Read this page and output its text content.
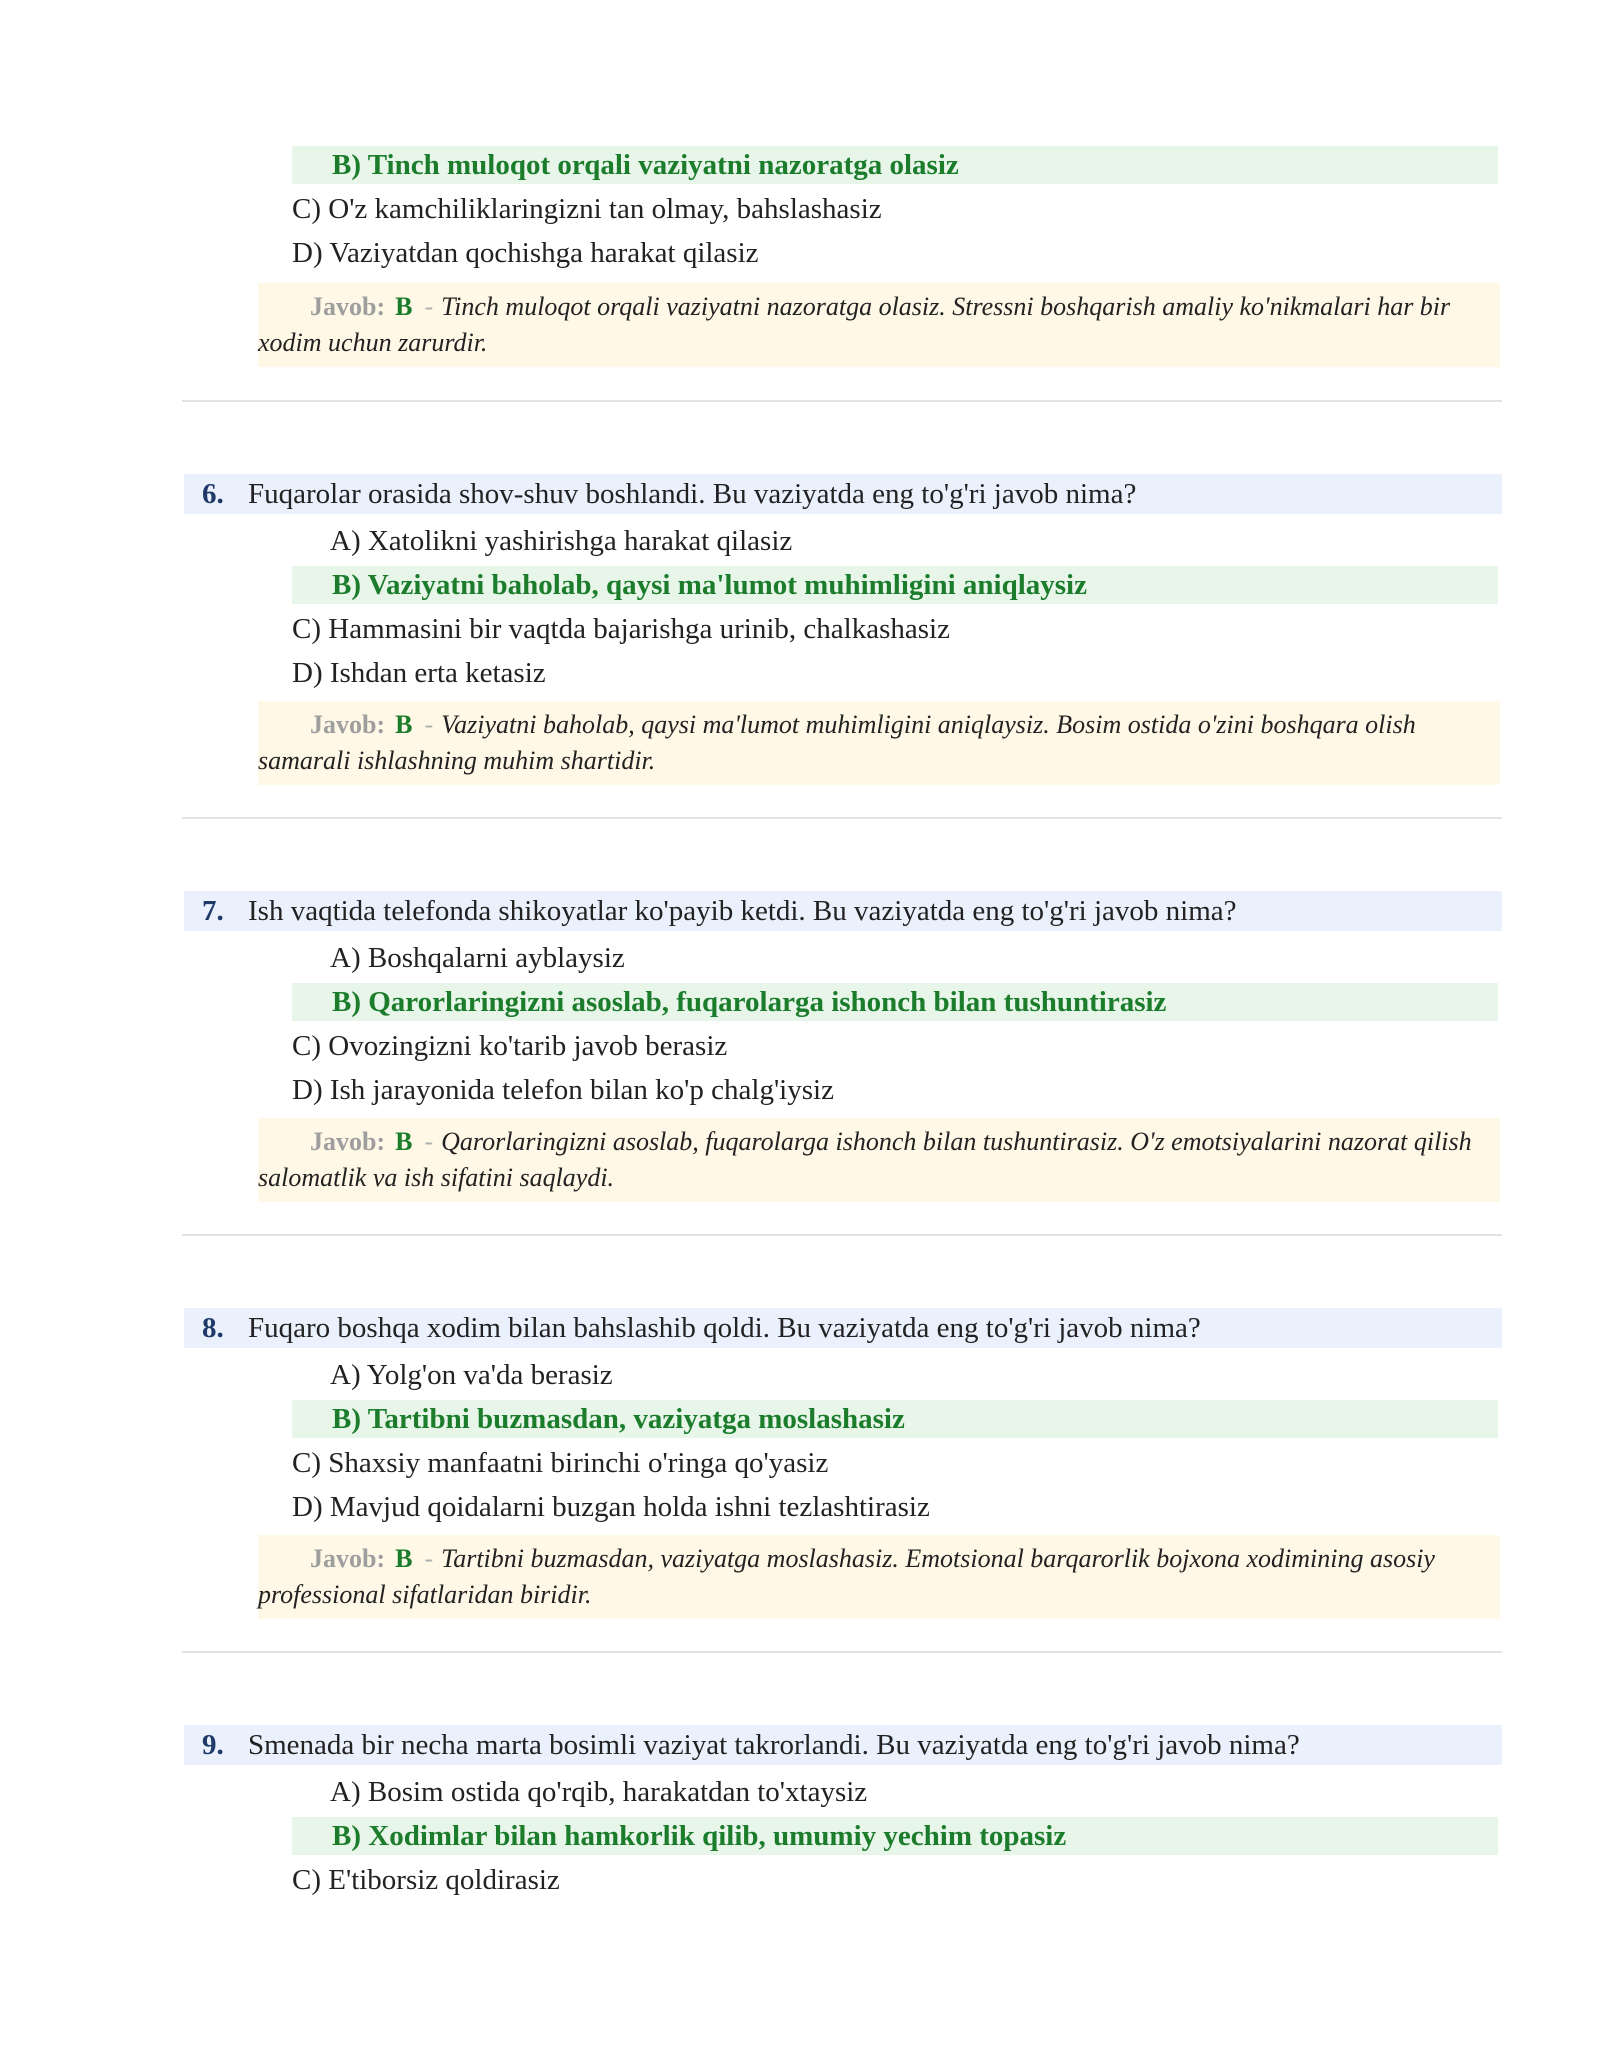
B) Tinch muloqot orqali vaziyatni nazoratga olasiz
C) O'z kamchiliklaringizni tan olmay, bahslashasiz
D) Vaziyatdan qochishga harakat qilasiz
Javob: B - Tinch muloqot orqali vaziyatni nazoratga olasiz. Stressni boshqarish amaliy ko'nikmalari har bir xodim uchun zarurdir.
6. Fuqarolar orasida shov-shuv boshlandi. Bu vaziyatda eng to'g'ri javob nima?
A) Xatolikni yashirishga harakat qilasiz
B) Vaziyatni baholab, qaysi ma'lumot muhimligini aniqlaysiz
C) Hammasini bir vaqtda bajarishga urinib, chalkashasiz
D) Ishdan erta ketasiz
Javob: B - Vaziyatni baholab, qaysi ma'lumot muhimligini aniqlaysiz. Bosim ostida o'zini boshqara olish samarali ishlashning muhim shartidir.
7. Ish vaqtida telefonda shikoyatlar ko'payib ketdi. Bu vaziyatda eng to'g'ri javob nima?
A) Boshqalarni ayblaysiz
B) Qarorlaringizni asoslab, fuqarolarga ishonch bilan tushuntirasiz
C) Ovozingizni ko'tarib javob berasiz
D) Ish jarayonida telefon bilan ko'p chalg'iysiz
Javob: B - Qarorlaringizni asoslab, fuqarolarga ishonch bilan tushuntirasiz. O'z emotsiyalarini nazorat qilish salomatlik va ish sifatini saqlaydi.
8. Fuqaro boshqa xodim bilan bahslashib qoldi. Bu vaziyatda eng to'g'ri javob nima?
A) Yolg'on va'da berasiz
B) Tartibni buzmasdan, vaziyatga moslashasiz
C) Shaxsiy manfaatni birinchi o'ringa qo'yasiz
D) Mavjud qoidalarni buzgan holda ishni tezlashtirasiz
Javob: B - Tartibni buzmasdan, vaziyatga moslashasiz. Emotsional barqarorlik bojxona xodimining asosiy professional sifatlaridan biridir.
9. Smenada bir necha marta bosimli vaziyat takrorlandi. Bu vaziyatda eng to'g'ri javob nima?
A) Bosim ostida qo'rqib, harakatdan to'xtaysiz
B) Xodimlar bilan hamkorlik qilib, umumiy yechim topasiz
C) E'tiborsiz qoldirasiz
